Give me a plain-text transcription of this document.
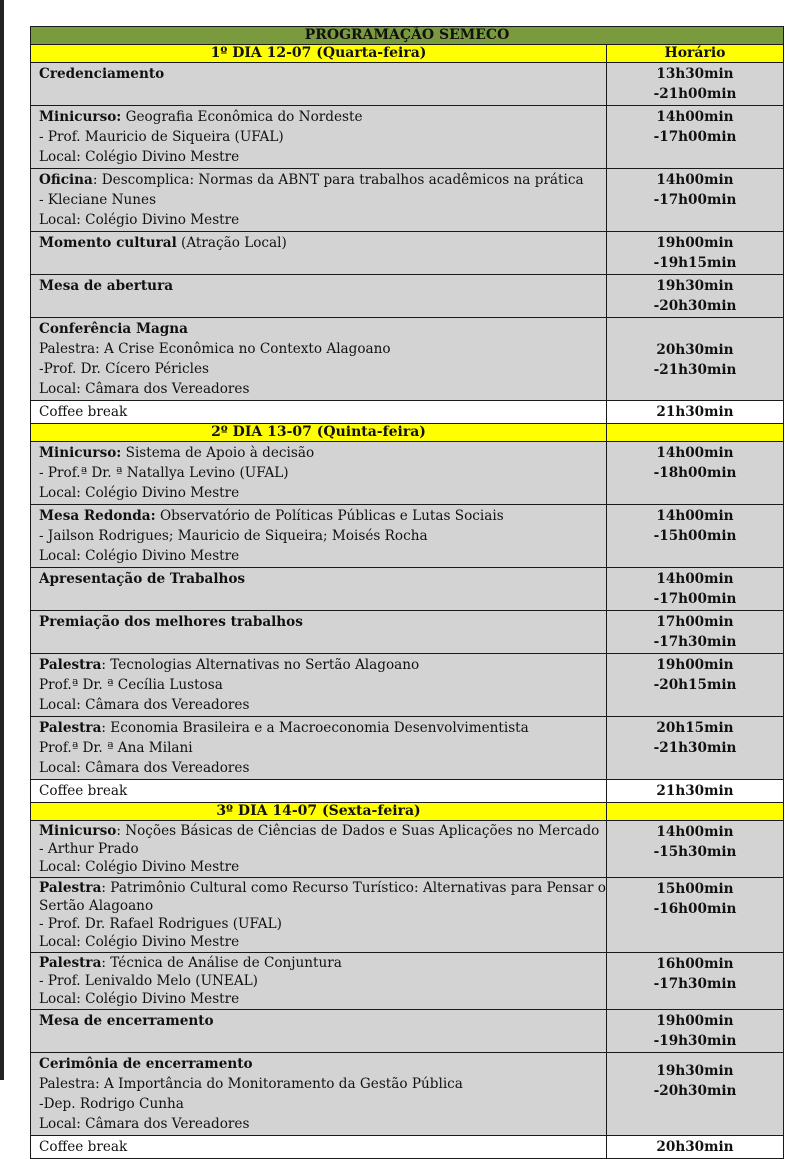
PROGRAMAÇÃO SEMECO	
1º DIA 12-07 (Quarta-feira)	Horário

Credenciamento	13h30min -21h00min

Minicurso: Geografia Econômica do Nordeste
- Prof. Mauricio de Siqueira (UFAL)
Local: Colégio Divino Mestre	14h00min -17h00min

Oficina: Descomplica: Normas da ABNT para trabalhos acadêmicos na prática
- Kleciane Nunes
Local: Colégio Divino Mestre	14h00min -17h00min

Momento cultural (Atração Local)	19h00min -19h15min

Mesa de abertura	19h30min -20h30min

Conferência Magna
Palestra: A Crise Econômica no Contexto Alagoano
-Prof. Dr. Cícero Péricles
Local: Câmara dos Vereadores	20h30min -21h30min

Coffee break	21h30min
2º DIA 13-07 (Quinta-feira)	

Minicurso: Sistema de Apoio à decisão
- Prof.ª Dr. ª Natallya Levino (UFAL)
Local: Colégio Divino Mestre	14h00min -18h00min

Mesa Redonda: Observatório de Políticas Públicas e Lutas Sociais
- Jailson Rodrigues; Mauricio de Siqueira; Moisés Rocha
Local: Colégio Divino Mestre	14h00min -15h00min

Apresentação de Trabalhos	14h00min -17h00min

Premiação dos melhores trabalhos	17h00min -17h30min

Palestra: Tecnologias Alternativas no Sertão Alagoano
Prof.ª Dr. ª Cecília Lustosa
Local: Câmara dos Vereadores	19h00min -20h15min

Palestra: Economia Brasileira e a Macroeconomia Desenvolvimentista
Prof.ª Dr. ª Ana Milani
Local: Câmara dos Vereadores	20h15min -21h30min

Coffee break	21h30min
3º DIA 14-07 (Sexta-feira)	

Minicurso: Noções Básicas de Ciências de Dados e Suas Aplicações no Mercado
- Arthur Prado
Local: Colégio Divino Mestre	14h00min -15h30min

Palestra: Patrimônio Cultural como Recurso Turístico: Alternativas para Pensar o
Sertão Alagoano
- Prof. Dr. Rafael Rodrigues (UFAL)
Local: Colégio Divino Mestre	15h00min -16h00min

Palestra: Técnica de Análise de Conjuntura
- Prof. Lenivaldo Melo (UNEAL)
Local: Colégio Divino Mestre	16h00min -17h30min

Mesa de encerramento	19h00min -19h30min

Cerimônia de encerramento
Palestra: A Importância do Monitoramento da Gestão Pública
-Dep. Rodrigo Cunha
Local: Câmara dos Vereadores	19h30min -20h30min

Coffee break	20h30min
